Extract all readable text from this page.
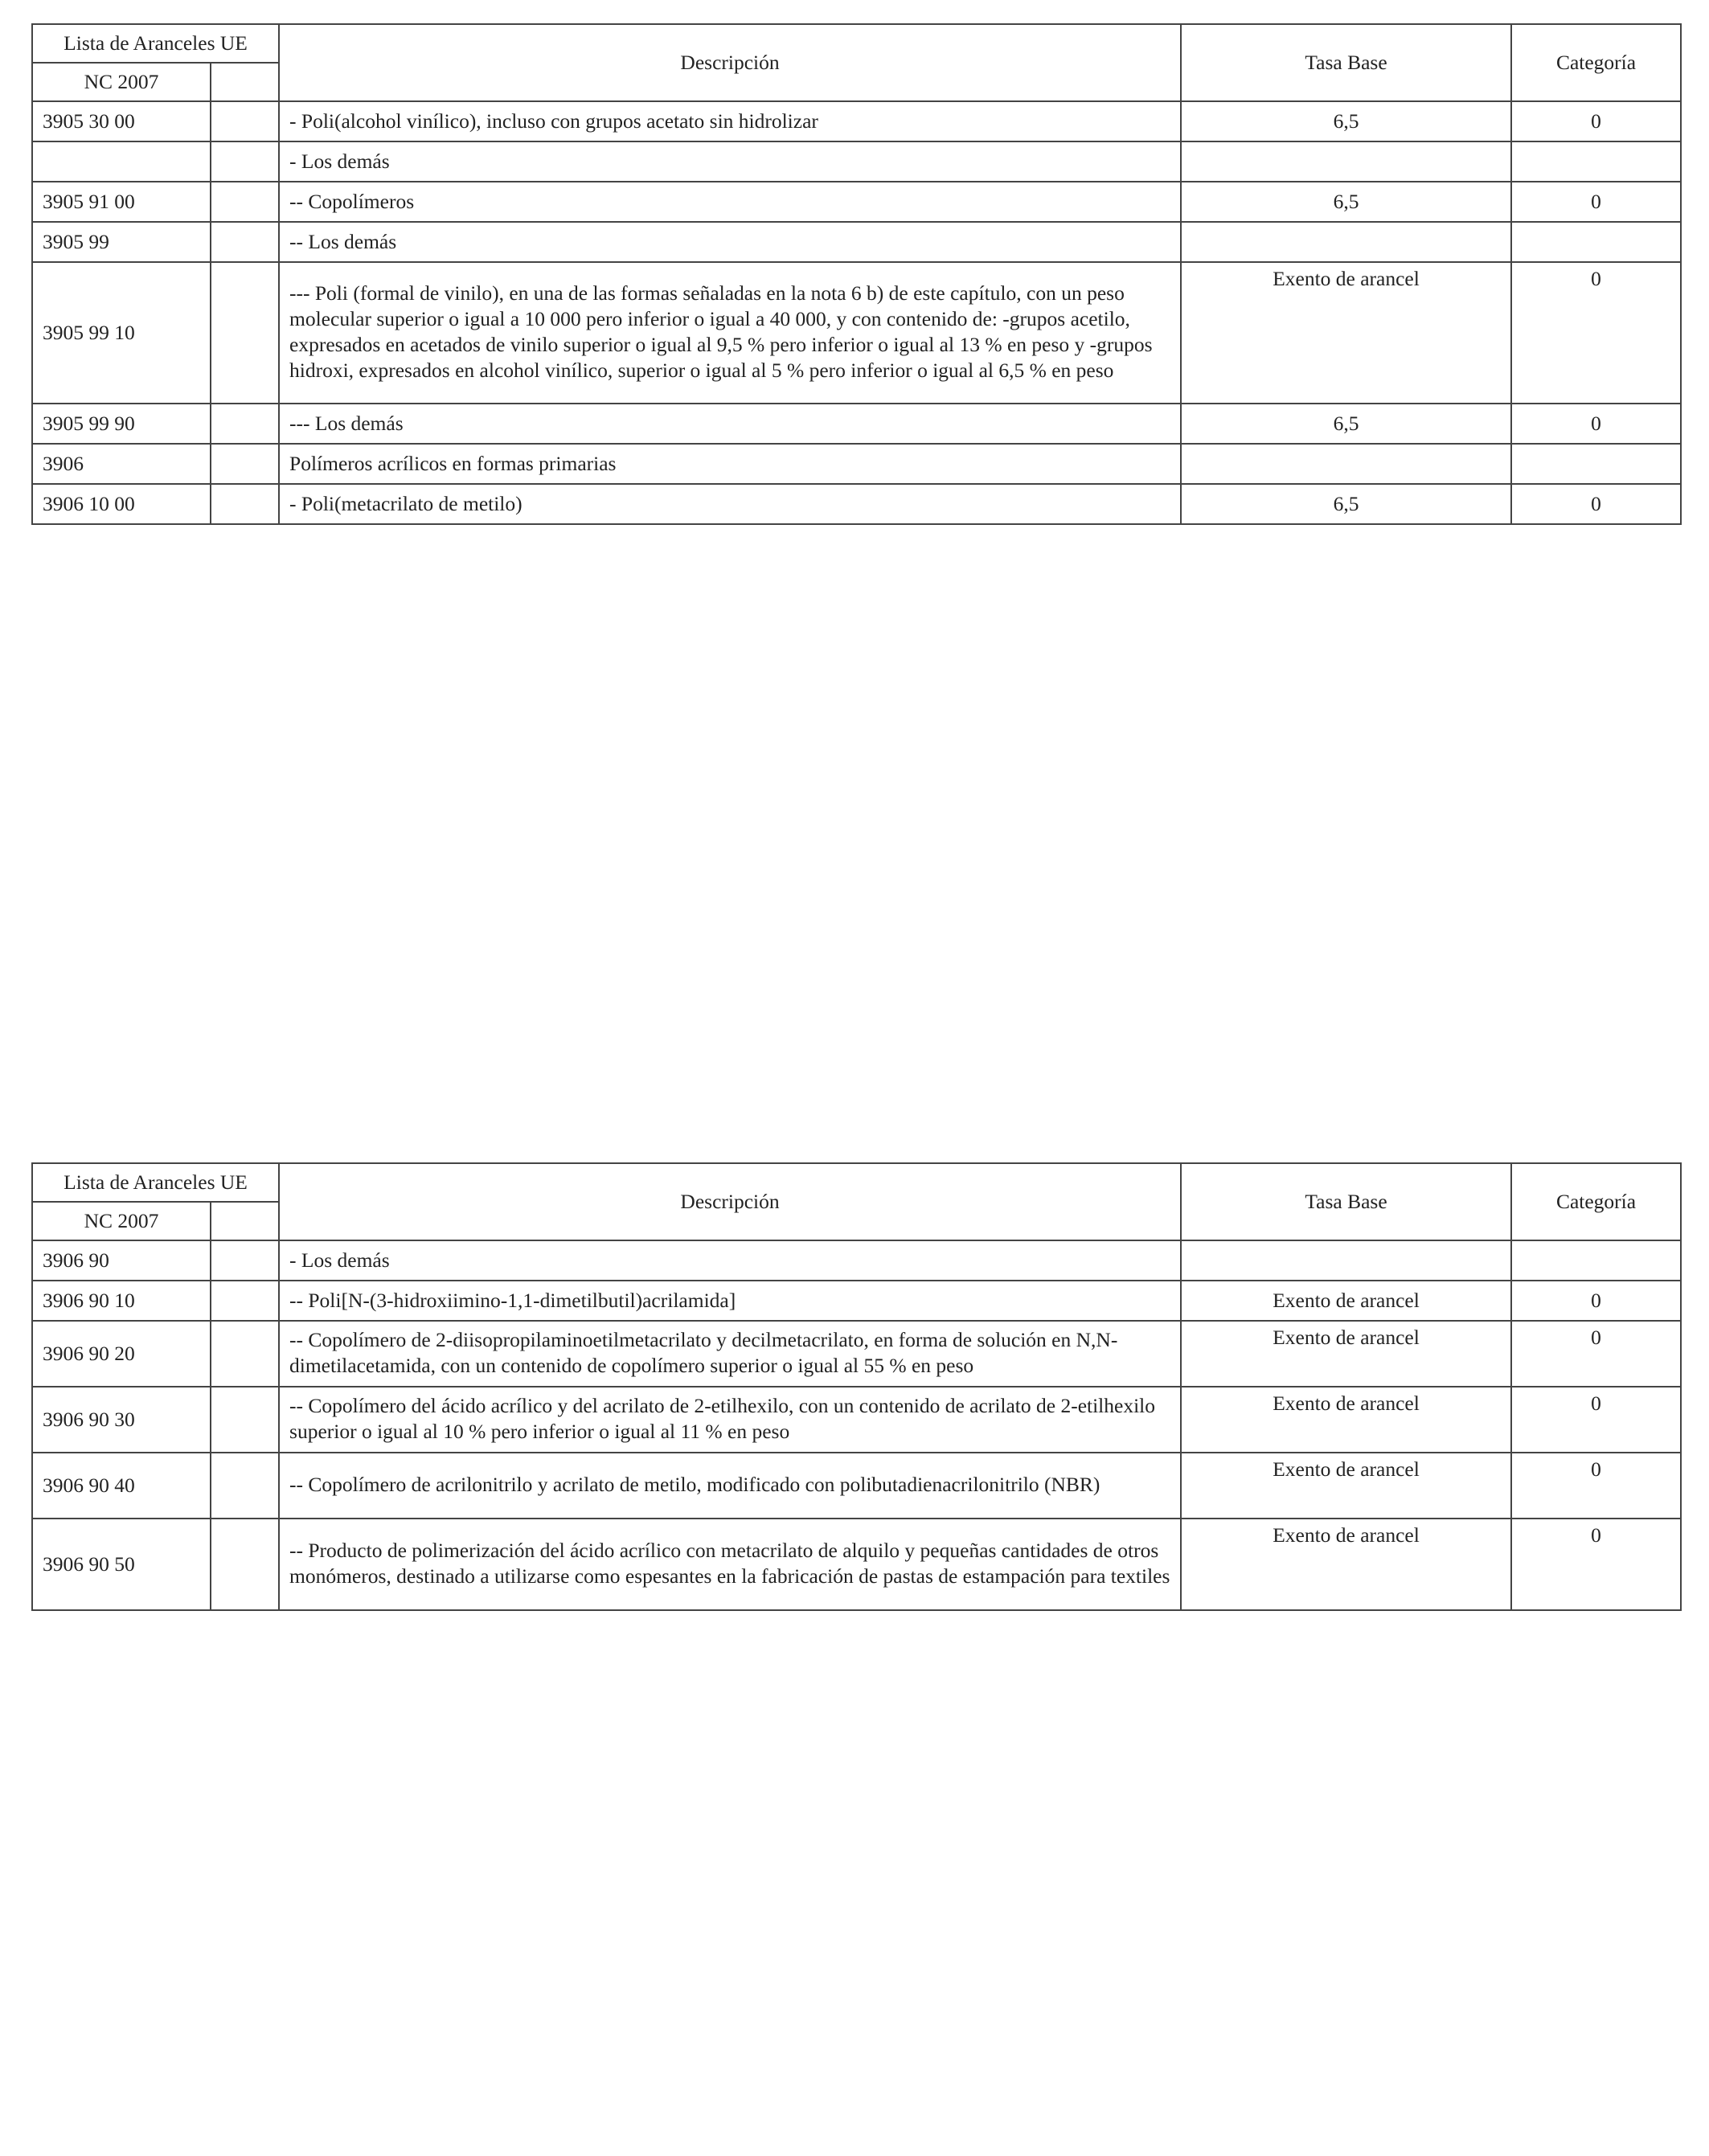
Lista de Aranceles UE		Descripción	Tasa Base	Categoría
NC 2007				
3905 30 00		- Poli(alcohol vinílico), incluso con grupos acetato sin hidrolizar	6,5	0
		- Los demás		
3905 91 00		-- Copolímeros	6,5	0
3905 99		-- Los demás		
3905 99 10		--- Poli (formal de vinilo), en una de las formas señaladas en la nota 6 b) de este capítulo, con un peso molecular superior o igual a 10 000 pero inferior o igual a 40 000, y con contenido de: -grupos acetilo, expresados en acetados de vinilo superior o igual al 9,5 % pero inferior o igual al 13 % en peso y -grupos hidroxi, expresados en alcohol vinílico, superior o igual al 5 % pero inferior o igual al 6,5 % en peso	Exento de arancel	0
3905 99 90		--- Los demás	6,5	0
3906		Polímeros acrílicos en formas primarias		
3906 10 00		- Poli(metacrilato de metilo)	6,5	0
Lista de Aranceles UE		Descripción	Tasa Base	Categoría
NC 2007				
3906 90		- Los demás		
3906 90 10		-- Poli[N-(3-hidroxiimino-1,1-dimetilbutil)acrilamida]	Exento de arancel	0
3906 90 20		-- Copolímero de 2-diisopropilaminoetilmetacrilato y decilmetacrilato, en forma de solución en N,N-dimetilacetamida, con un contenido de copolímero superior o igual al 55 % en peso	Exento de arancel	0
3906 90 30		-- Copolímero del ácido acrílico y del acrilato de 2-etilhexilo, con un contenido de acrilato de 2-etilhexilo superior o igual al 10 % pero inferior o igual al 11 % en peso	Exento de arancel	0
3906 90 40		-- Copolímero de acrilonitrilo y acrilato de metilo, modificado con polibutadienacrilonitrilo (NBR)	Exento de arancel	0
3906 90 50		-- Producto de polimerización del ácido acrílico con metacrilato de alquilo y pequeñas cantidades de otros monómeros, destinado a utilizarse como espesantes en la fabricación de pastas de estampación para textiles	Exento de arancel	0
